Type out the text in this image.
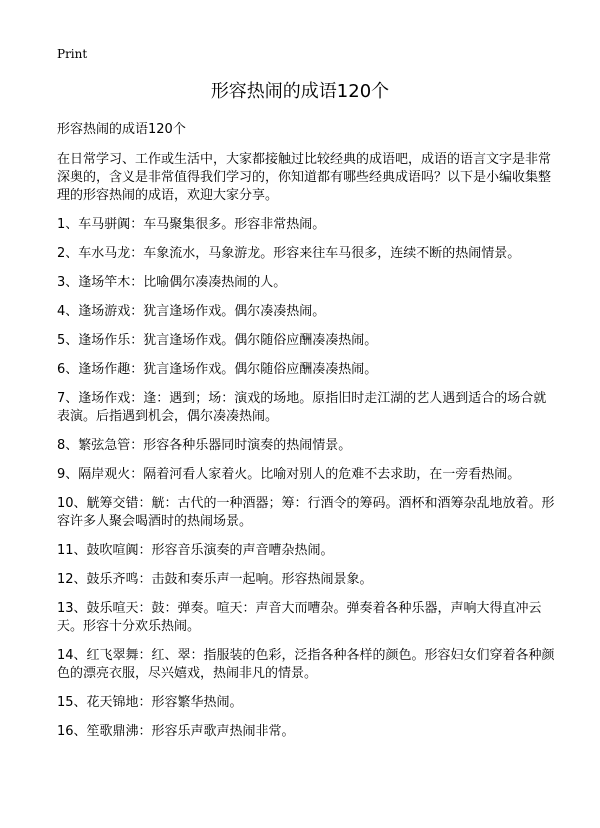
Print
形容热闹的成语120个

形容热闹的成语120个

在日常学习、工作或生活中，大家都接触过比较经典的成语吧，成语的语言文字是非常深奥的，含义是非常值得我们学习的，你知道都有哪些经典成语吗？以下是小编收集整理的形容热闹的成语，欢迎大家分享。

1、车马骈阗：车马聚集很多。形容非常热闹。
2、车水马龙：车象流水，马象游龙。形容来往车马很多，连续不断的热闹情景。
3、逢场竿木：比喻偶尔凑凑热闹的人。
4、逢场游戏：犹言逢场作戏。偶尔凑凑热闹。
5、逢场作乐：犹言逢场作戏。偶尔随俗应酬凑凑热闹。
6、逢场作趣：犹言逢场作戏。偶尔随俗应酬凑凑热闹。
7、逢场作戏：逢：遇到；场：演戏的场地。原指旧时走江湖的艺人遇到适合的场合就表演。后指遇到机会，偶尔凑凑热闹。
8、繁弦急管：形容各种乐器同时演奏的热闹情景。
9、隔岸观火：隔着河看人家着火。比喻对别人的危难不去求助，在一旁看热闹。
10、觥筹交错：觥：古代的一种酒器；筹：行酒令的筹码。酒杯和酒筹杂乱地放着。形容许多人聚会喝酒时的热闹场景。
11、鼓吹喧阗：形容音乐演奏的声音嘈杂热闹。
12、鼓乐齐鸣：击鼓和奏乐声一起响。形容热闹景象。
13、鼓乐喧天：鼓：弹奏。喧天：声音大而嘈杂。弹奏着各种乐器，声响大得直冲云天。形容十分欢乐热闹。
14、红飞翠舞：红、翠：指服装的色彩，泛指各种各样的颜色。形容妇女们穿着各种颜色的漂亮衣服，尽兴嬉戏，热闹非凡的情景。
15、花天锦地：形容繁华热闹。
16、笙歌鼎沸：形容乐声歌声热闹非常。
